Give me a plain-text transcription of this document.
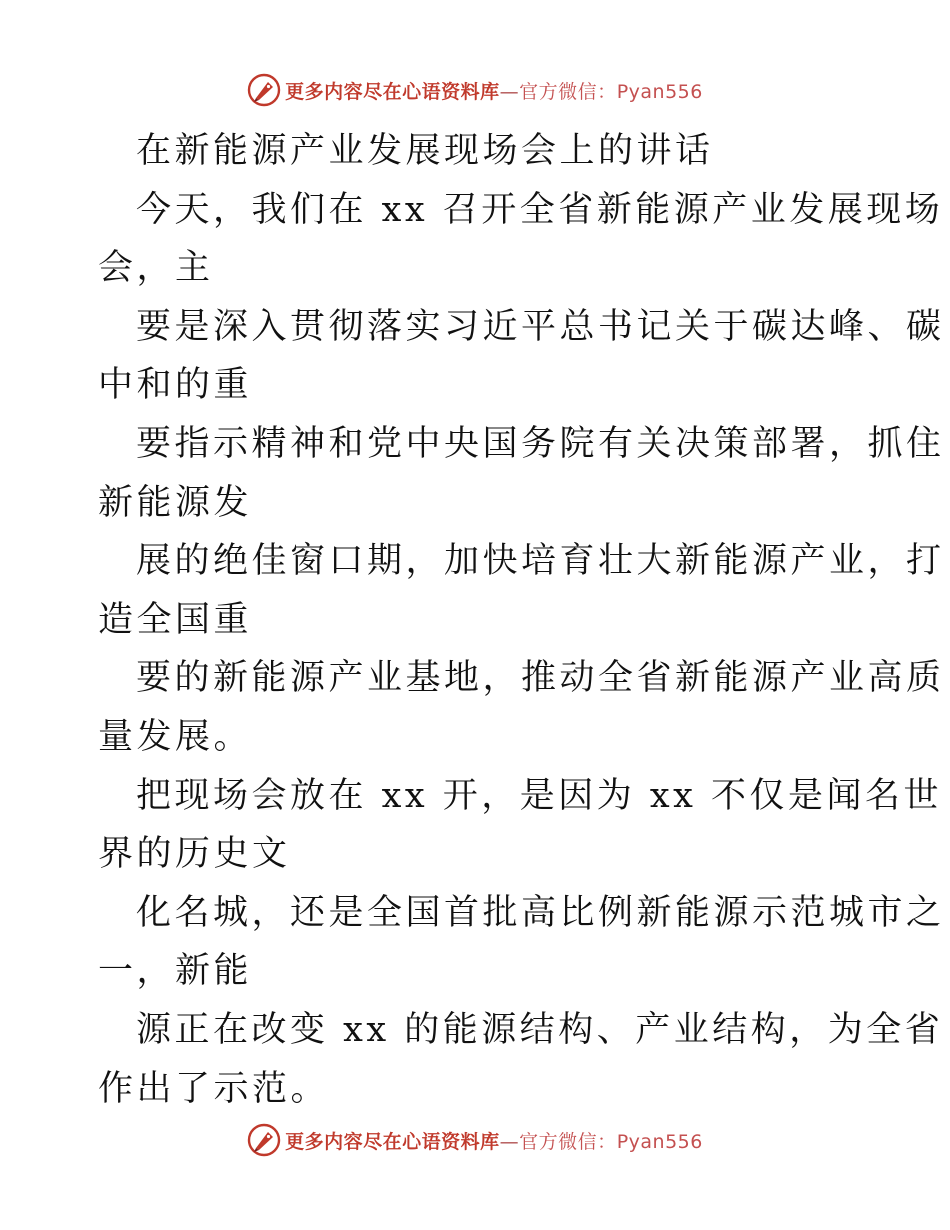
更多内容尽在心语资料库—官方微信：Pyan556
在新能源产业发展现场会上的讲话
今天，我们在 xx 召开全省新能源产业发展现场
会，主
要是深入贯彻落实习近平总书记关于碳达峰、碳
中和的重
要指示精神和党中央国务院有关决策部署，抓住
新能源发
展的绝佳窗口期，加快培育壮大新能源产业，打
造全国重
要的新能源产业基地，推动全省新能源产业高质
量发展。
把现场会放在 xx 开，是因为 xx 不仅是闻名世
界的历史文
化名城，还是全国首批高比例新能源示范城市之
一，新能
源正在改变 xx 的能源结构、产业结构，为全省
作出了示范。
更多内容尽在心语资料库—官方微信：Pyan556
